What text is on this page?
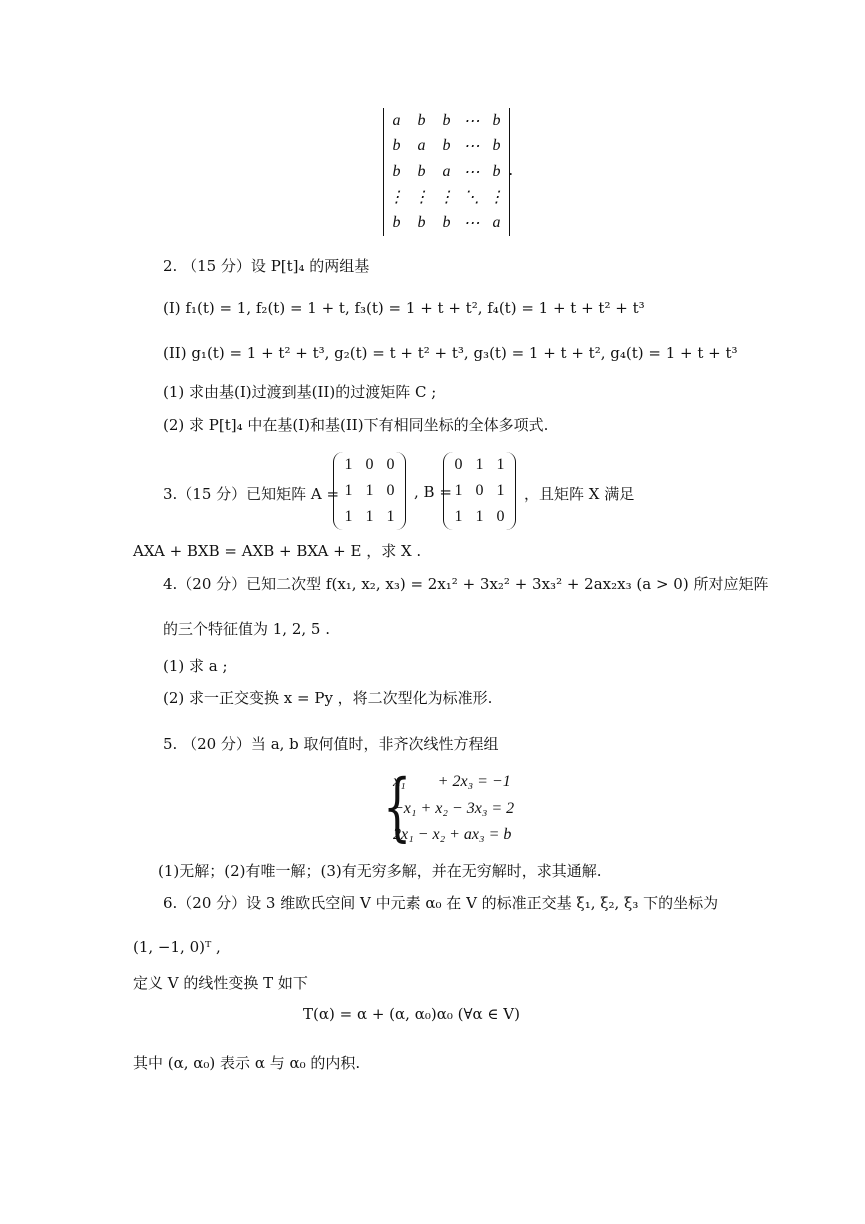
a	b	b ⋯ b
b	a	b ⋯ b
b	b	a ⋯ b
⋮ ⋮ ⋮ ⋱ ⋮
b	b	b ⋯ a
.
2. （15 分）设 P[t]₄ 的两组基
(I) f₁(t) = 1, f₂(t) = 1 + t, f₃(t) = 1 + t + t², f₄(t) = 1 + t + t² + t³
(II) g₁(t) = 1 + t² + t³, g₂(t) = t + t² + t³, g₃(t) = 1 + t + t², g₄(t) = 1 + t + t³
(1) 求由基(I)过渡到基(II)的过渡矩阵 C ;
(2) 求 P[t]₄ 中在基(I)和基(II)下有相同坐标的全体多项式.
3.（15 分）已知矩阵 A =
1 0 0
1 1 0
1 1 1
, B =
0 1 1
1 0 1
1 1 0
，且矩阵 X 满足
AXA + BXB = AXB + BXA + E ，求 X .
4.（20 分）已知二次型 f(x₁, x₂, x₃) = 2x₁² + 3x₂² + 3x₃² + 2ax₂x₃ (a > 0) 所对应矩阵
的三个特征值为 1, 2, 5 .
(1) 求 a ;
(2) 求一正交变换 x = Py ，将二次型化为标准形.
5. （20 分）当 a, b 取何值时，非齐次线性方程组
{
x₁        + 2x₃ = −1
−x₁ + x₂ − 3x₃ = 2
2x₁ − x₂ + ax₃ = b
(1)无解；(2)有唯一解；(3)有无穷多解，并在无穷解时，求其通解.
6.（20 分）设 3 维欧氏空间 V 中元素 α₀ 在 V 的标准正交基 ξ₁, ξ₂, ξ₃ 下的坐标为
(1, −1, 0)ᵀ ,
定义 V 的线性变换 T 如下
T(α) = α + (α, α₀)α₀ (∀α ∈ V)
其中 (α, α₀) 表示 α 与 α₀ 的内积.
